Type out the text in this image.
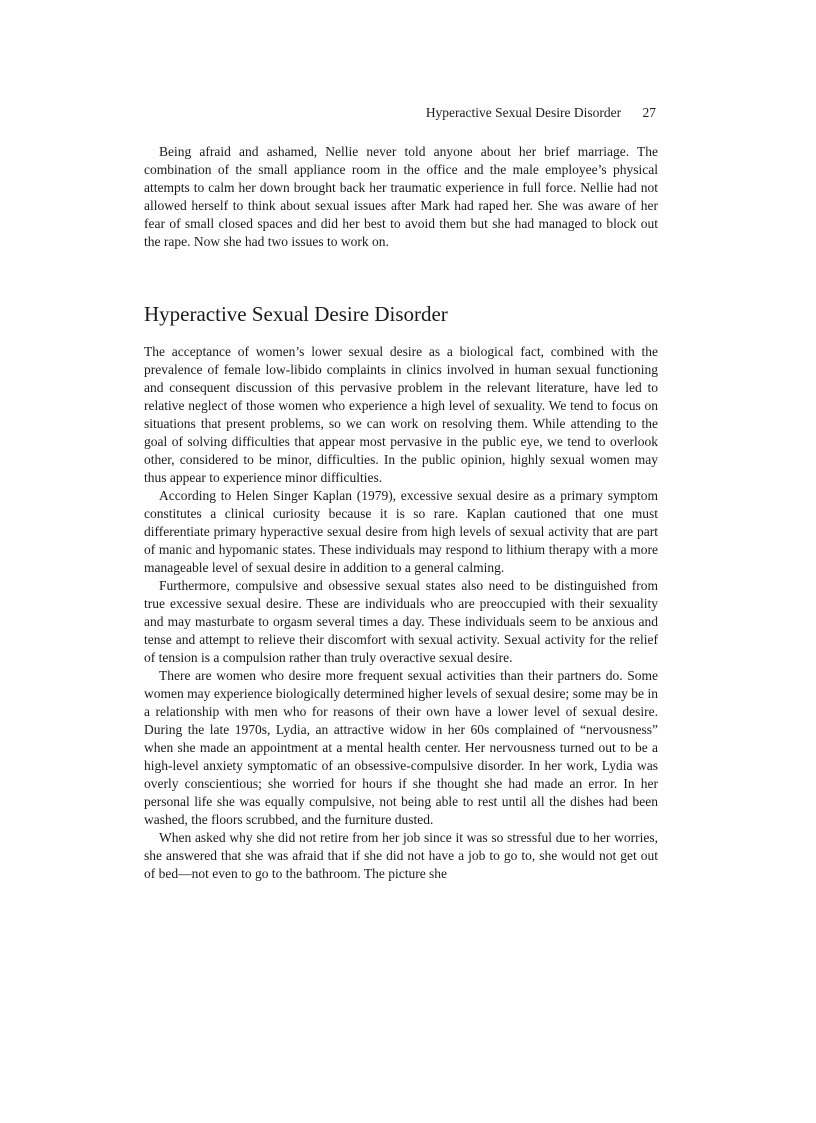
Hyperactive Sexual Desire Disorder 27

Being afraid and ashamed, Nellie never told anyone about her brief marriage. The combination of the small appliance room in the office and the male employee’s physical attempts to calm her down brought back her traumatic experience in full force. Nellie had not allowed herself to think about sexual issues after Mark had raped her. She was aware of her fear of small closed spaces and did her best to avoid them but she had managed to block out the rape. Now she had two issues to work on.

Hyperactive Sexual Desire Disorder

The acceptance of women’s lower sexual desire as a biological fact, combined with the prevalence of female low-libido complaints in clinics involved in human sexual functioning and consequent discussion of this pervasive problem in the relevant literature, have led to relative neglect of those women who experience a high level of sexuality. We tend to focus on situations that present problems, so we can work on resolving them. While attending to the goal of solving difficulties that appear most pervasive in the public eye, we tend to overlook other, considered to be minor, difficulties. In the public opinion, highly sexual women may thus appear to experience minor difficulties.

According to Helen Singer Kaplan (1979), excessive sexual desire as a primary symptom constitutes a clinical curiosity because it is so rare. Kaplan cautioned that one must differentiate primary hyperactive sexual desire from high levels of sexual activity that are part of manic and hypomanic states. These individuals may respond to lithium therapy with a more manageable level of sexual desire in addition to a general calming.

Furthermore, compulsive and obsessive sexual states also need to be distinguished from true excessive sexual desire. These are individuals who are preoccupied with their sexuality and may masturbate to orgasm several times a day. These individuals seem to be anxious and tense and attempt to relieve their discomfort with sexual activity. Sexual activity for the relief of tension is a compulsion rather than truly overactive sexual desire.

There are women who desire more frequent sexual activities than their partners do. Some women may experience biologically determined higher levels of sexual desire; some may be in a relationship with men who for reasons of their own have a lower level of sexual desire. During the late 1970s, Lydia, an attractive widow in her 60s complained of “nervousness” when she made an appointment at a mental health center. Her nervousness turned out to be a high-level anxiety symptomatic of an obsessive-compulsive disorder. In her work, Lydia was overly conscientious; she worried for hours if she thought she had made an error. In her personal life she was equally compulsive, not being able to rest until all the dishes had been washed, the floors scrubbed, and the furniture dusted.

When asked why she did not retire from her job since it was so stressful due to her worries, she answered that she was afraid that if she did not have a job to go to, she would not get out of bed—not even to go to the bathroom. The picture she
